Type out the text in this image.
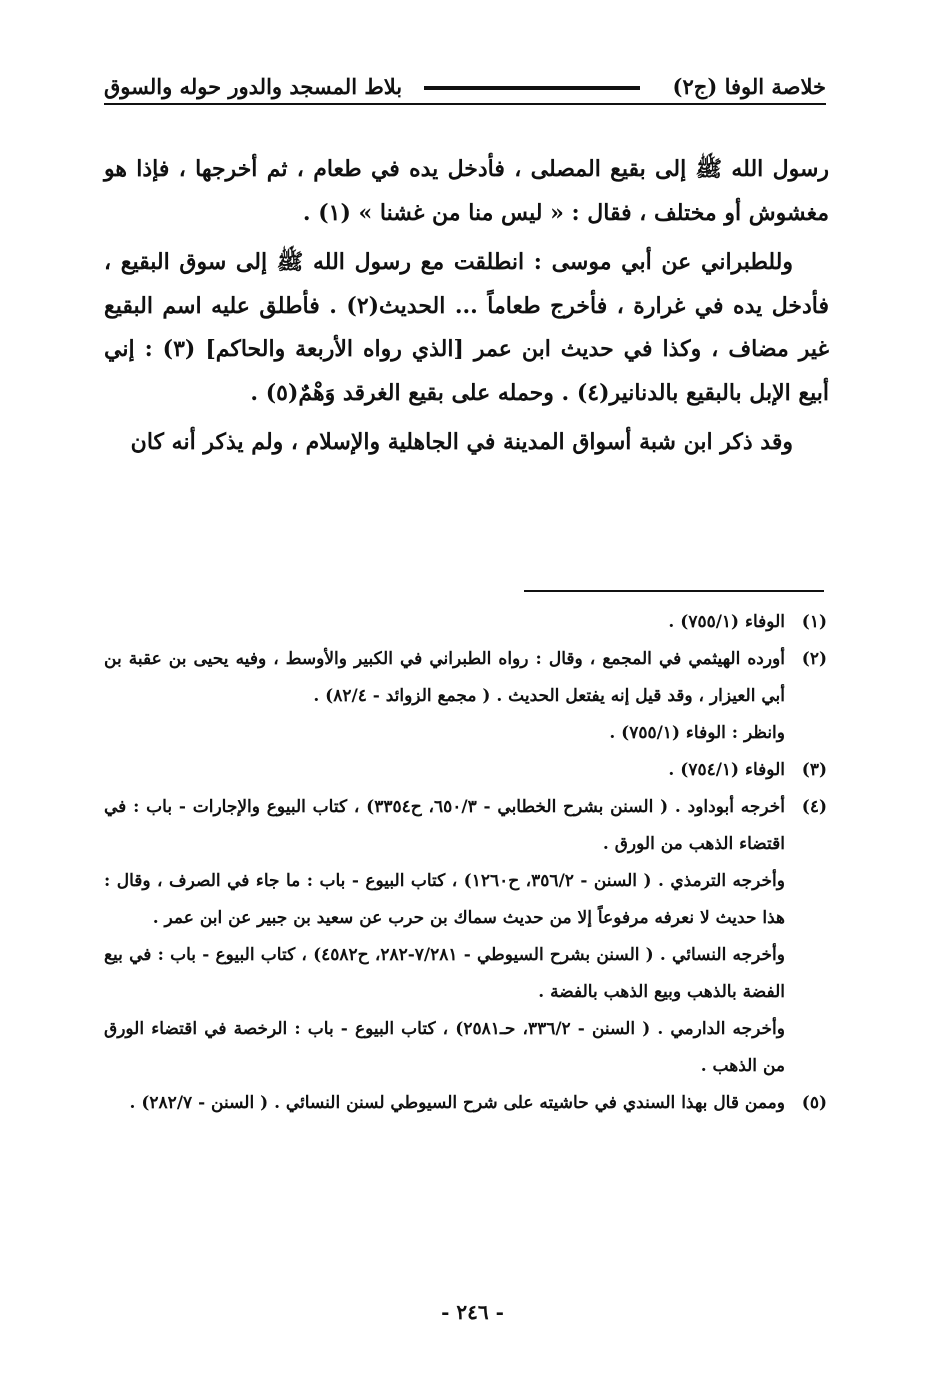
خلاصة الوفا (ج٢)
بلاط المسجد والدور حوله والسوق

رسول الله ﷺ إلى بقيع المصلى ، فأدخل يده في طعام ، ثم أخرجها ، فإذا هو مغشوش أو مختلف ، فقال : « ليس منا من غشنا » (١) .

وللطبراني عن أبي موسى : انطلقت مع رسول الله ﷺ إلى سوق البقيع ، فأدخل يده في غرارة ، فأخرج طعاماً ... الحديث(٢) . فأطلق عليه اسم البقيع غير مضاف ، وكذا في حديث ابن عمر [الذي رواه الأربعة والحاكم] (٣) : إني أبيع الإبل بالبقيع بالدنانير(٤) . وحمله على بقيع الغرقد وَهْمٌ(٥) .

وقد ذكر ابن شبة أسواق المدينة في الجاهلية والإسلام ، ولم يذكر أنه كان

(١)
الوفاء (٧٥٥/١) .
(٢)
أورده الهيثمي في المجمع ، وقال : رواه الطبراني في الكبير والأوسط ، وفيه يحيى بن عقبة بن أبي العيزار ، وقد قيل إنه يفتعل الحديث . ( مجمع الزوائد - ٨٢/٤) .
وانظر : الوفاء (٧٥٥/١) .
(٣)
الوفاء (٧٥٤/١) .
(٤)
أخرجه أبوداود . ( السنن بشرح الخطابي - ٦٥٠/٣، ح٣٣٥٤) ، كتاب البيوع والإجارات - باب : في اقتضاء الذهب من الورق .
وأخرجه الترمذي . ( السنن - ٣٥٦/٢، ح١٢٦٠) ، كتاب البيوع - باب : ما جاء في الصرف ، وقال : هذا حديث لا نعرفه مرفوعاً إلا من حديث سماك بن حرب عن سعيد بن جبير عن ابن عمر .
وأخرجه النسائي . ( السنن بشرح السيوطي - ٧/٢٨١-٢٨٢، ح٤٥٨٢) ، كتاب البيوع - باب : في بيع الفضة بالذهب وبيع الذهب بالفضة .
وأخرجه الدارمي . ( السنن - ٣٣٦/٢، حـ٢٥٨١) ، كتاب البيوع - باب : الرخصة في اقتضاء الورق من الذهب .
(٥)
وممن قال بهذا السندي في حاشيته على شرح السيوطي لسنن النسائي . ( السنن - ٢٨٢/٧) .
- ٢٤٦ -
